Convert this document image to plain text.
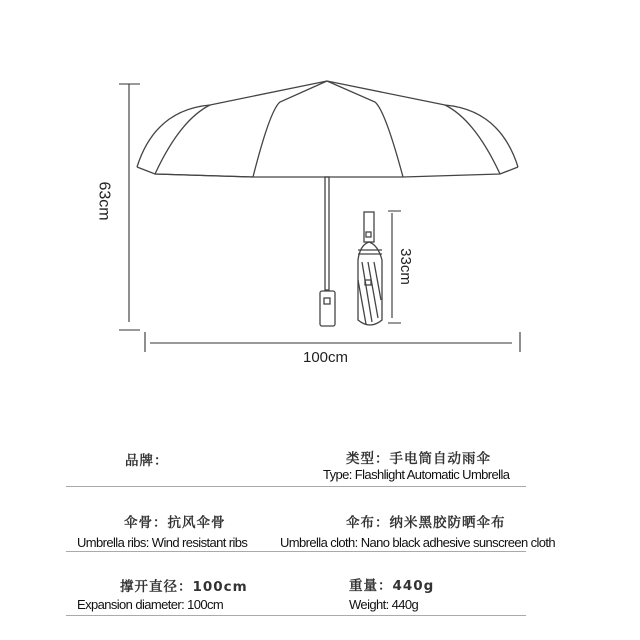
63cm
100cm
33cm
品牌：	类型：手电筒自动雨伞
Type: Flashlight Automatic Umbrella
伞骨：抗风伞骨
Umbrella ribs: Wind resistant ribs
伞布：纳米黑胶防晒伞布
Umbrella cloth: Nano black adhesive sunscreen cloth
撑开直径：100cm
Expansion diameter: 100cm
重量：440g
Weight: 440g
